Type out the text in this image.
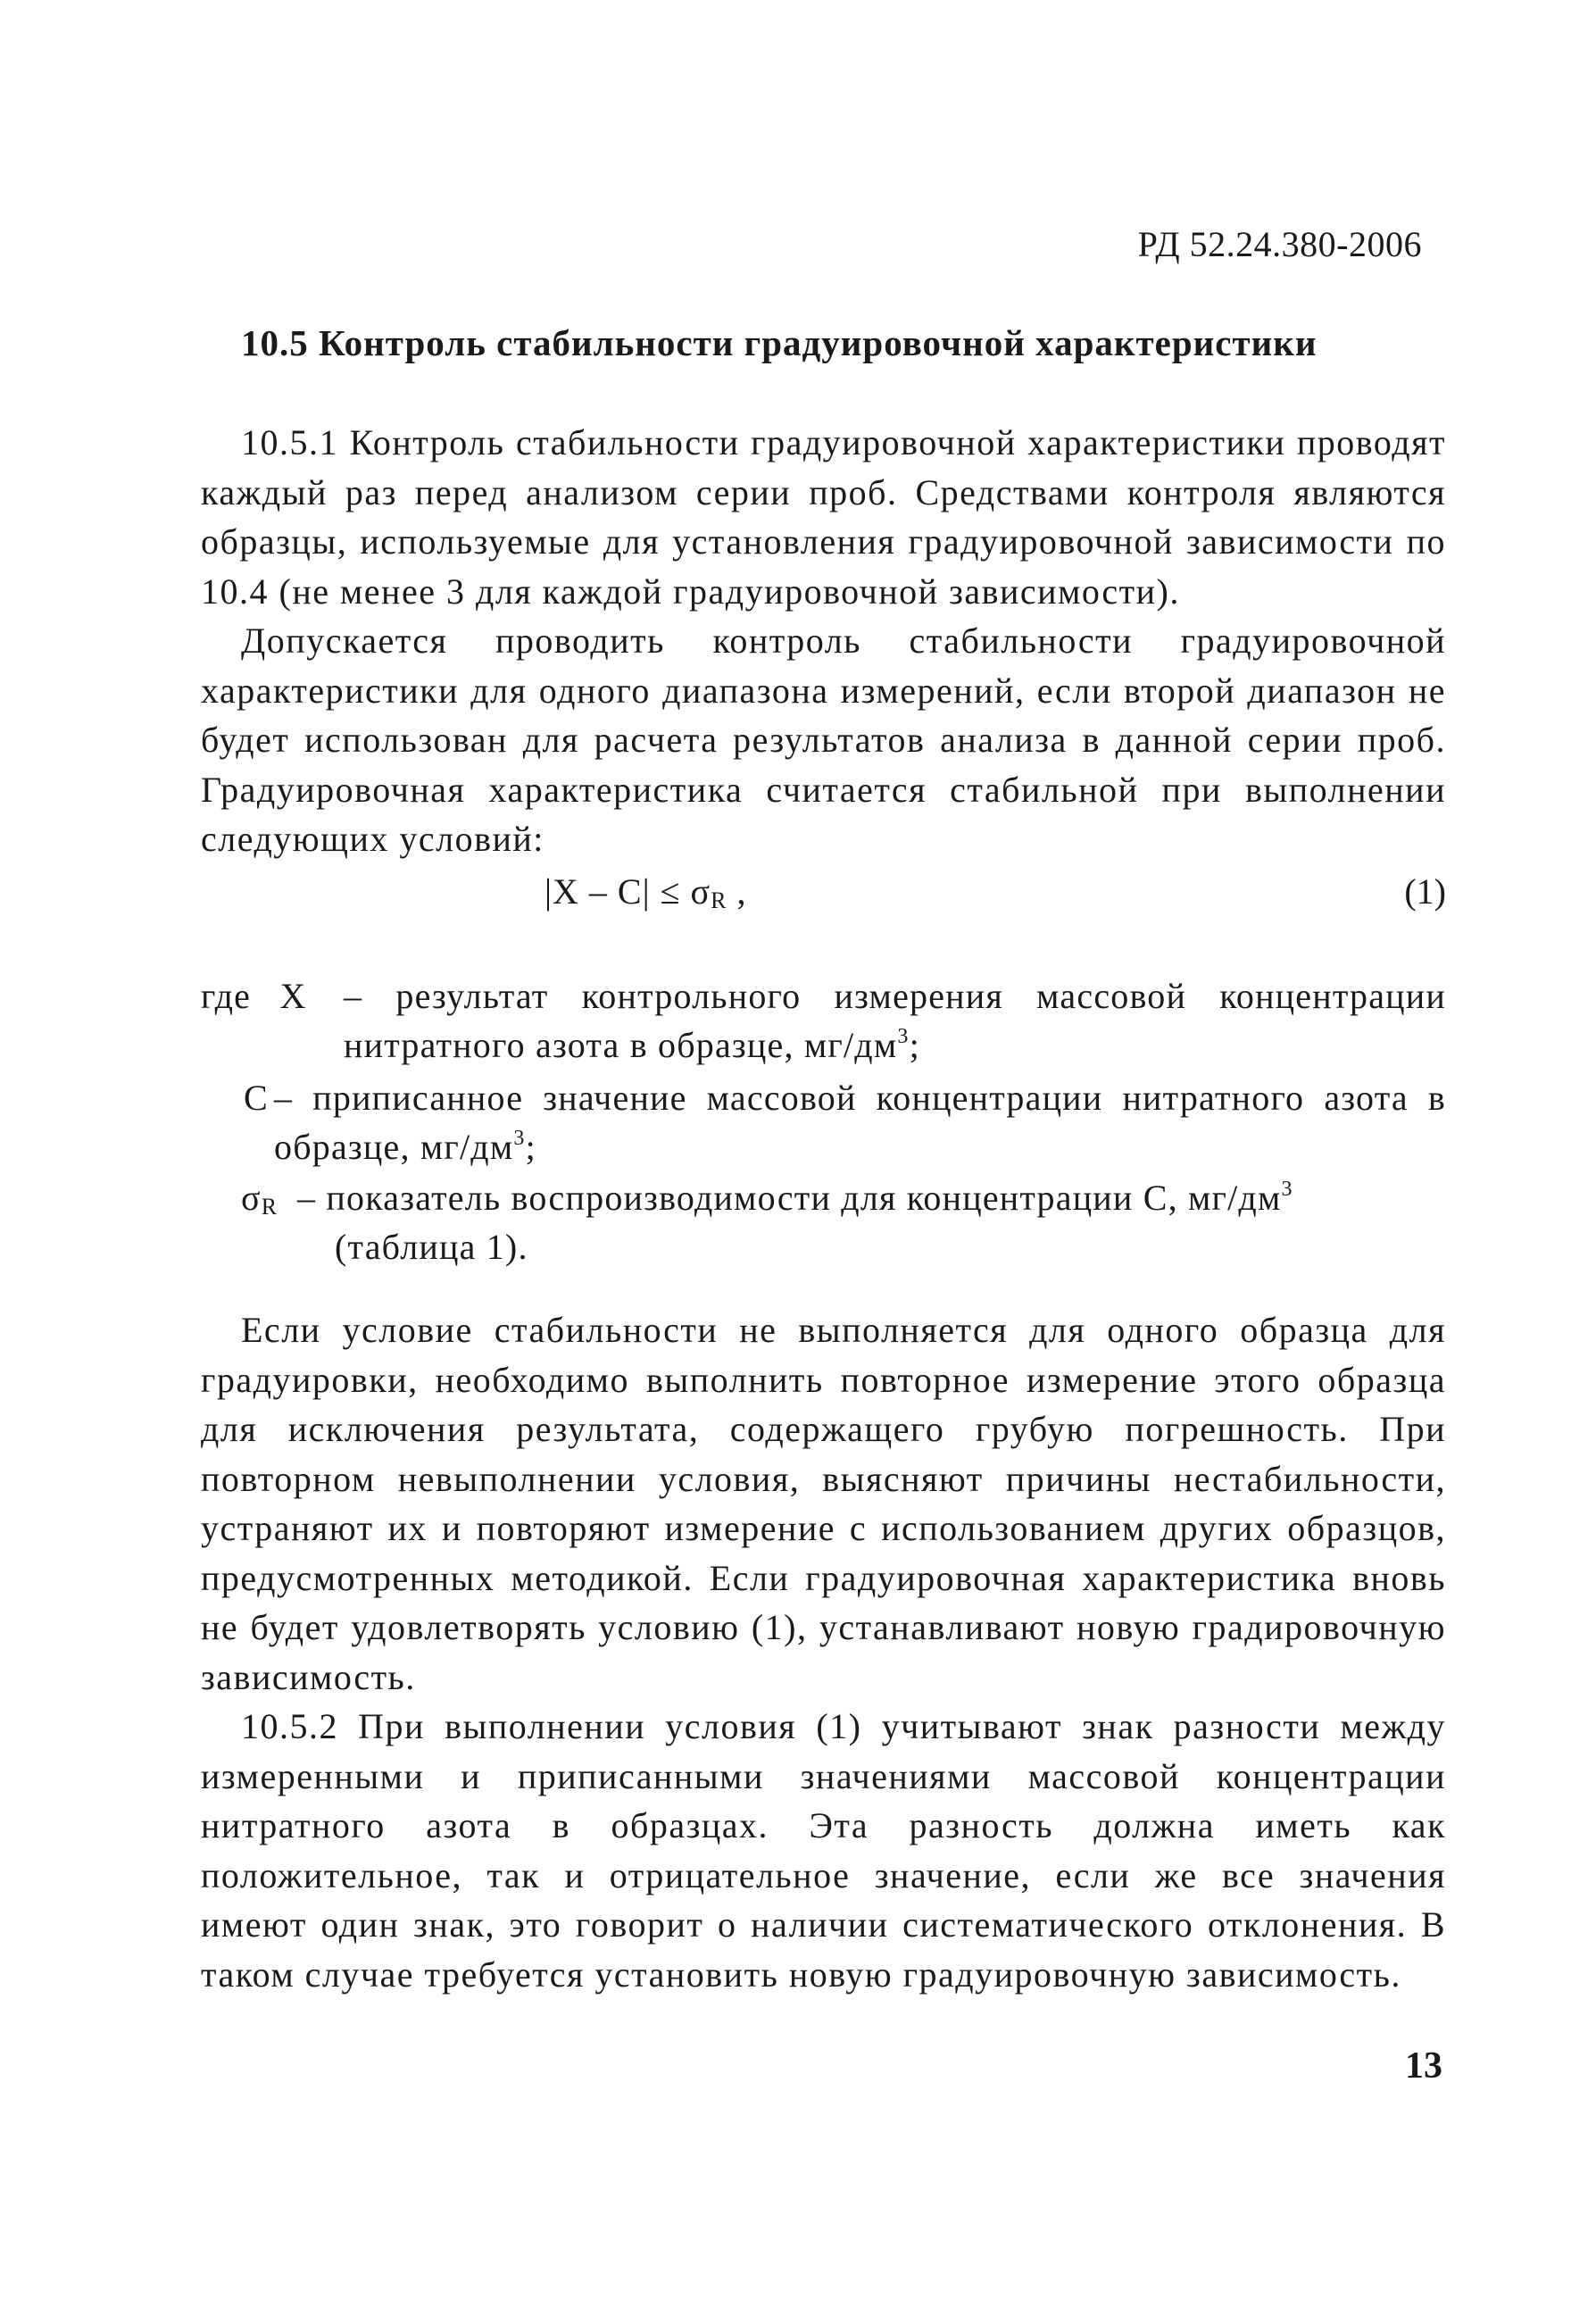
РД 52.24.380-2006
10.5 Контроль стабильности градуировочной характеристики
10.5.1 Контроль стабильности градуировочной характеристики проводят каждый раз перед анализом серии проб. Средствами контроля являются образцы, используемые для установления градуировочной зависимости по 10.4 (не менее 3 для каждой градуировочной зависимости).
Допускается проводить контроль стабильности градуировочной характеристики для одного диапазона измерений, если второй диапазон не будет использован для расчета результатов анализа в данной серии проб. Градуировочная характеристика считается стабильной при выполнении следующих условий:
|X – C| ≤ σR ,	(1)
где X – результат контрольного измерения массовой концентрации нитратного азота в образце, $мг/дм^3$;
С – приписанное значение массовой концентрации нитратного азота в образце, $мг/дм^3$;
σR – показатель воспроизводимости для концентрации С, $мг/дм^3$
(таблица 1).
Если условие стабильности не выполняется для одного образца для градуировки, необходимо выполнить повторное измерение этого образца для исключения результата, содержащего грубую погрешность. При повторном невыполнении условия, выясняют причины нестабильности, устраняют их и повторяют измерение с использованием других образцов, предусмотренных методикой. Если градуировочная характеристика вновь не будет удовлетворять условию (1), устанавливают новую градировочную зависимость.
10.5.2 При выполнении условия (1) учитывают знак разности между измеренными и приписанными значениями массовой концентрации нитратного азота в образцах. Эта разность должна иметь как положительное, так и отрицательное значение, если же все значения имеют один знак, это говорит о наличии систематического отклонения. В таком случае требуется установить новую градуировочную зависимость.
13
